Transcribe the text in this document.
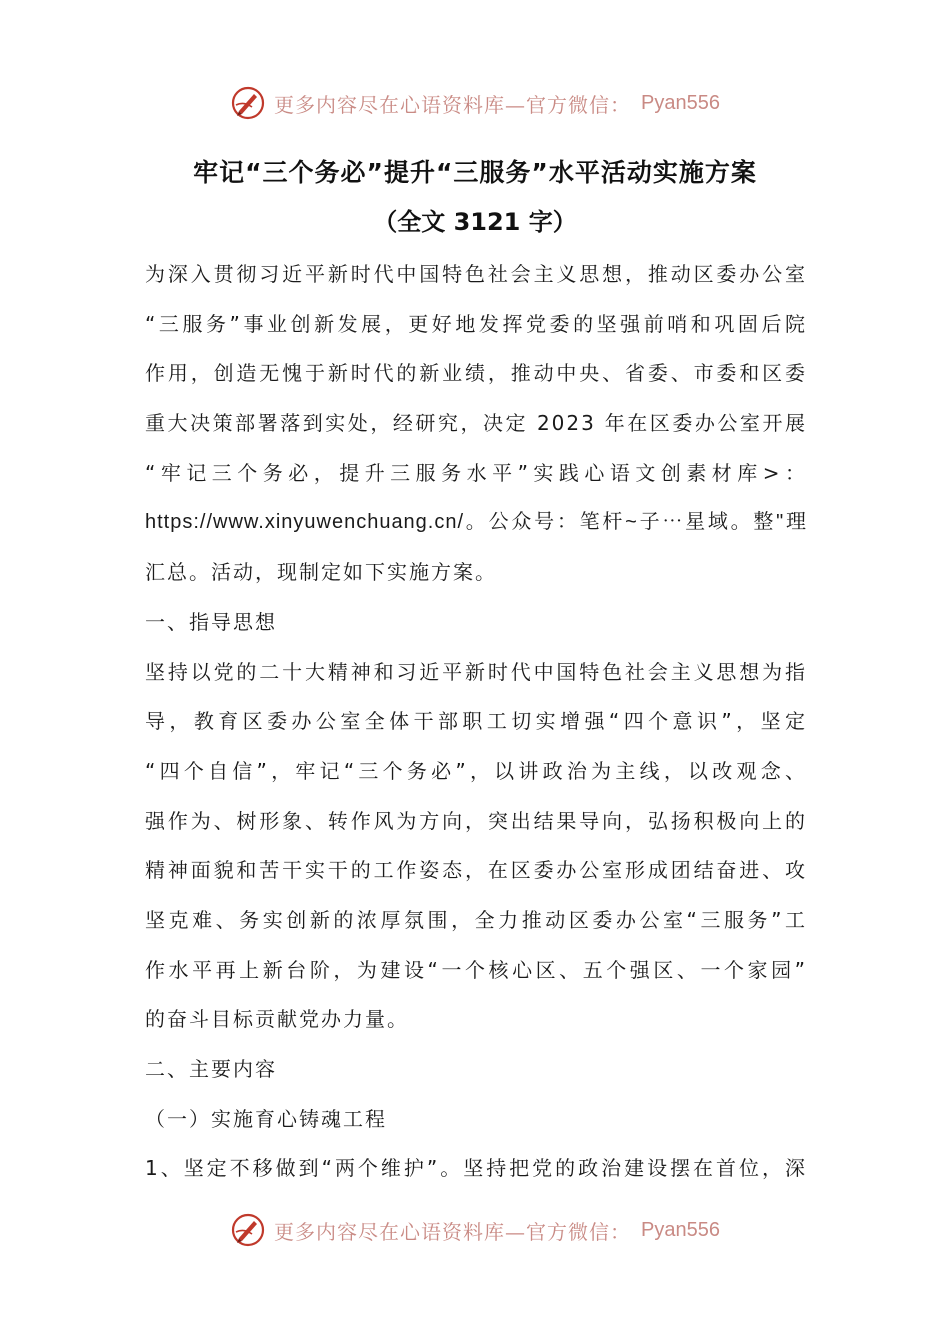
更多内容尽在心语资料库—官方微信： Pyan556
牢记“三个务必”提升“三服务”水平活动实施方案
（全文 3121 字）
为深入贯彻习近平新时代中国特色社会主义思想，推动区委办公室
“三服务”事业创新发展，更好地发挥党委的坚强前哨和巩固后院
作用，创造无愧于新时代的新业绩，推动中央、省委、市委和区委
重大决策部署落到实处，经研究，决定 2023 年在区委办公室开展
“牢记三个务必，提升三服务水平”实践心语文创素材库>：
https://www.xinyuwenchuang.cn/。公众号：笔杆~子⋯星域。整"理
汇总。活动，现制定如下实施方案。
一、指导思想
坚持以党的二十大精神和习近平新时代中国特色社会主义思想为指
导，教育区委办公室全体干部职工切实增强“四个意识”，坚定
“四个自信”，牢记“三个务必”，以讲政治为主线，以改观念、
强作为、树形象、转作风为方向，突出结果导向，弘扬积极向上的
精神面貌和苦干实干的工作姿态，在区委办公室形成团结奋进、攻
坚克难、务实创新的浓厚氛围，全力推动区委办公室“三服务”工
作水平再上新台阶，为建设“一个核心区、五个强区、一个家园”
的奋斗目标贡献党办力量。
二、主要内容
（一）实施育心铸魂工程
1、坚定不移做到“两个维护”。坚持把党的政治建设摆在首位，深
更多内容尽在心语资料库—官方微信： Pyan556
